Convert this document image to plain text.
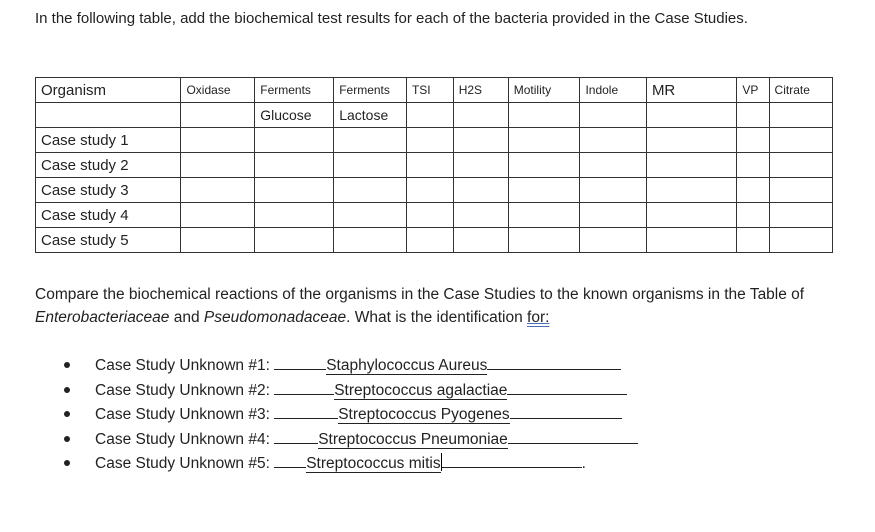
In the following table, add the biochemical test results for each of the bacteria provided in the Case Studies.

Organism	Oxidase	Ferments	Ferments	TSI	H2S	Motility	Indole	MR	VP	Citrate
		Glucose	Lactose							
Case study 1										
Case study 2										
Case study 3										
Case study 4										
Case study 5										

Compare the biochemical reactions of the organisms in the Case Studies to the known organisms in the Table of Enterobacteriaceae and Pseudomonadaceae. What is the identification for:

Case Study Unknown #1:	Staphylococcus Aureus
Case Study Unknown #2:	Streptococcus agalactiae
Case Study Unknown #3:	Streptococcus Pyogenes
Case Study Unknown #4:	Streptococcus Pneumoniae
Case Study Unknown #5: Streptococcus mitis	.
